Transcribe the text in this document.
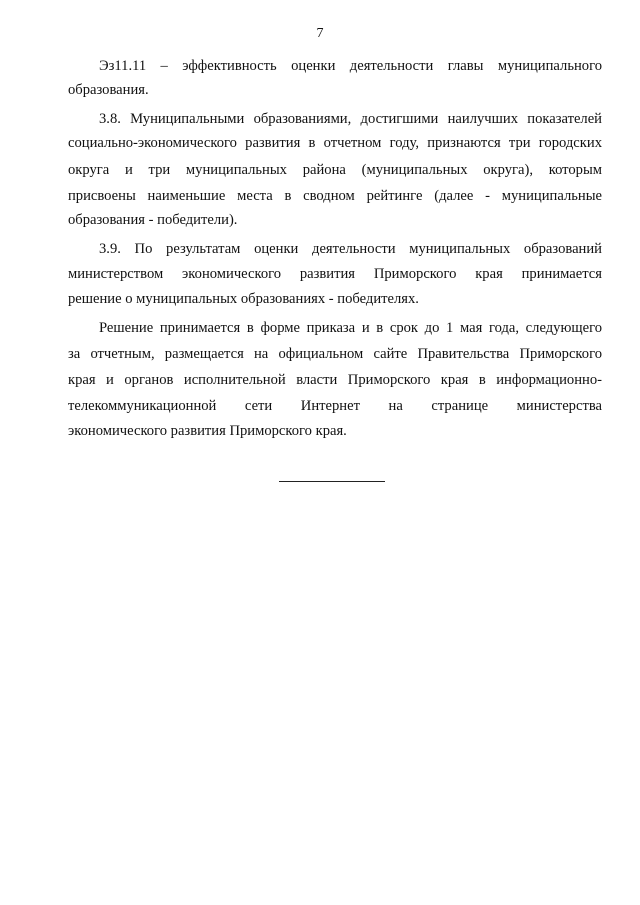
7
Эз11.11 – эффективность оценки деятельности главы муниципального
образования.
3.8. Муниципальными образованиями, достигшими наилучших показателей
социально-экономического развития в отчетном году, признаются три городских
округа и три муниципальных района (муниципальных округа), которым
присвоены наименьшие места в сводном рейтинге (далее - муниципальные
образования - победители).
3.9. По результатам оценки деятельности муниципальных образований
министерством экономического развития Приморского края принимается
решение о муниципальных образованиях - победителях.
Решение принимается в форме приказа и в срок до 1 мая года, следующего
за отчетным, размещается на официальном сайте Правительства Приморского
края и органов исполнительной власти Приморского края в информационно-
телекоммуникационной сети Интернет на странице министерства
экономического развития Приморского края.
